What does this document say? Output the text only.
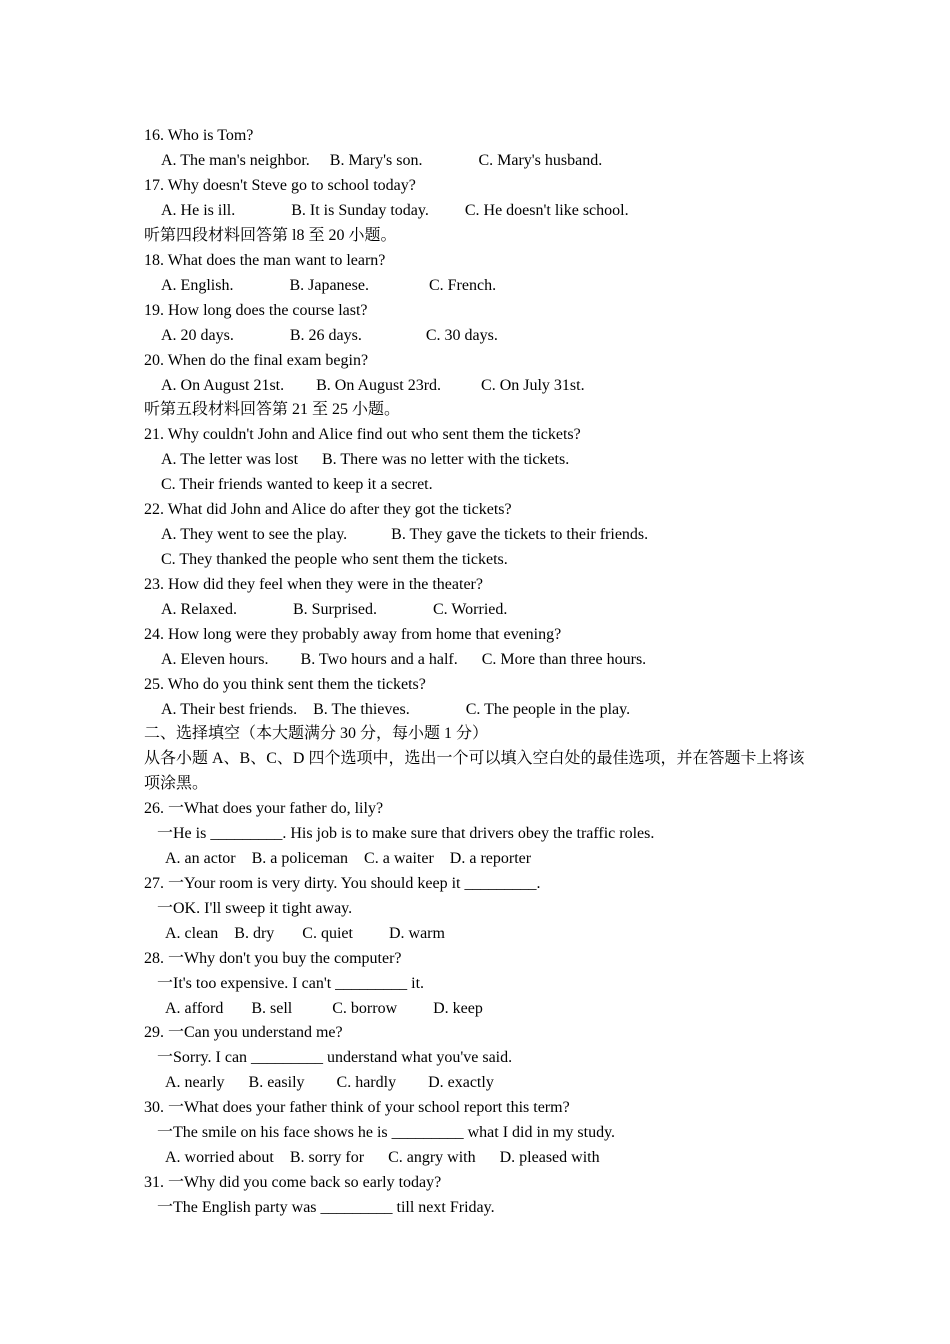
16. Who is Tom?
A. The man's neighbor.     B. Mary's son.              C. Mary's husband.
17. Why doesn't Steve go to school today?
A. He is ill.              B. It is Sunday today.         C. He doesn't like school.
听第四段材料回答第 l8 至 20 小题。
18. What does the man want to learn?
A. English.              B. Japanese.               C. French.
19. How long does the course last?
A. 20 days.              B. 26 days.                C. 30 days.
20. When do the final exam begin?
A. On August 21st.        B. On August 23rd.          C. On July 31st.
听第五段材料回答第 21 至 25 小题。
21. Why couldn't John and Alice find out who sent them the tickets?
A. The letter was lost      B. There was no letter with the tickets.
C. Their friends wanted to keep it a secret.
22. What did John and Alice do after they got the tickets?
A. They went to see the play.           B. They gave the tickets to their friends.
C. They thanked the people who sent them the tickets.
23. How did they feel when they were in the theater?
A. Relaxed.              B. Surprised.              C. Worried.
24. How long were they probably away from home that evening?
A. Eleven hours.        B. Two hours and a half.      C. More than three hours.
25. Who do you think sent them the tickets?
A. Their best friends.    B. The thieves.              C. The people in the play.
二、选择填空（本大题满分 30 分，每小题 1 分）
从各小题 A、B、C、D 四个选项中，选出一个可以填入空白处的最佳选项，并在答题卡上将该
项涂黑。
26. 一What does your father do, lily?
一He is _________. His job is to make sure that drivers obey the traffic roles.
A. an actor    B. a policeman    C. a waiter    D. a reporter
27. 一Your room is very dirty. You should keep it _________.
一OK. I'll sweep it tight away.
A. clean    B. dry       C. quiet         D. warm
28. 一Why don't you buy the computer?
一It's too expensive. I can't _________ it.
A. afford       B. sell          C. borrow         D. keep
29. 一Can you understand me?
一Sorry. I can _________ understand what you've said.
A. nearly      B. easily        C. hardly        D. exactly
30. 一What does your father think of your school report this term?
一The smile on his face shows he is _________ what I did in my study.
A. worried about    B. sorry for      C. angry with      D. pleased with
31. 一Why did you come back so early today?
一The English party was _________ till next Friday.
